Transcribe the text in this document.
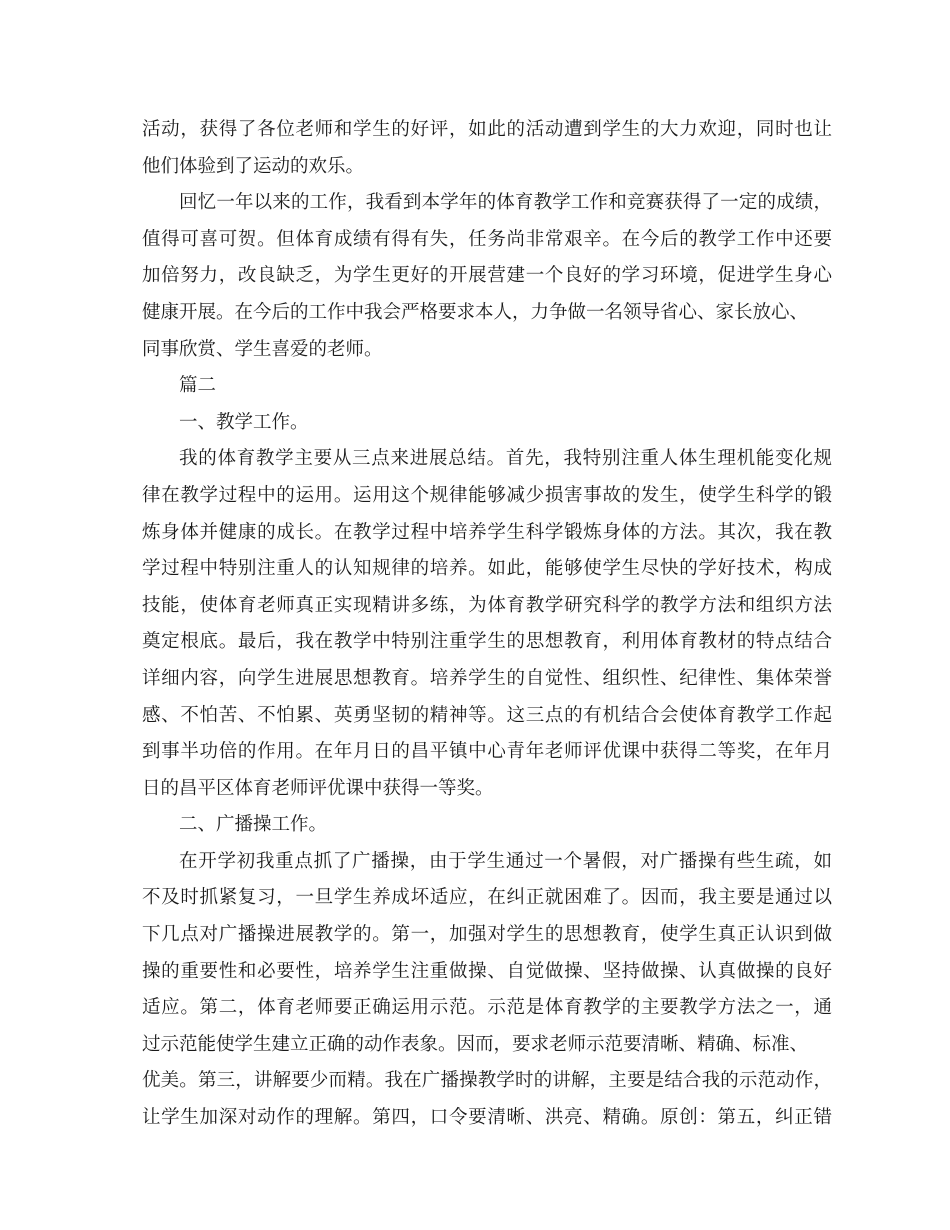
活动，获得了各位老师和学生的好评，如此的活动遭到学生的大力欢迎，同时也让
他们体验到了运动的欢乐。
回忆一年以来的工作，我看到本学年的体育教学工作和竞赛获得了一定的成绩，
值得可喜可贺。但体育成绩有得有失，任务尚非常艰辛。在今后的教学工作中还要
加倍努力，改良缺乏，为学生更好的开展营建一个良好的学习环境，促进学生身心
健康开展。在今后的工作中我会严格要求本人，力争做一名领导省心、家长放心、
同事欣赏、学生喜爱的老师。
篇二
一、教学工作。
我的体育教学主要从三点来进展总结。首先，我特别注重人体生理机能变化规
律在教学过程中的运用。运用这个规律能够减少损害事故的发生，使学生科学的锻
炼身体并健康的成长。在教学过程中培养学生科学锻炼身体的方法。其次，我在教
学过程中特别注重人的认知规律的培养。如此，能够使学生尽快的学好技术，构成
技能，使体育老师真正实现精讲多练，为体育教学研究科学的教学方法和组织方法
奠定根底。最后，我在教学中特别注重学生的思想教育，利用体育教材的特点结合
详细内容，向学生进展思想教育。培养学生的自觉性、组织性、纪律性、集体荣誉
感、不怕苦、不怕累、英勇坚韧的精神等。这三点的有机结合会使体育教学工作起
到事半功倍的作用。在年月日的昌平镇中心青年老师评优课中获得二等奖，在年月
日的昌平区体育老师评优课中获得一等奖。
二、广播操工作。
在开学初我重点抓了广播操，由于学生通过一个暑假，对广播操有些生疏，如
不及时抓紧复习，一旦学生养成坏适应，在纠正就困难了。因而，我主要是通过以
下几点对广播操进展教学的。第一，加强对学生的思想教育，使学生真正认识到做
操的重要性和必要性，培养学生注重做操、自觉做操、坚持做操、认真做操的良好
适应。第二，体育老师要正确运用示范。示范是体育教学的主要教学方法之一，通
过示范能使学生建立正确的动作表象。因而，要求老师示范要清晰、精确、标准、
优美。第三，讲解要少而精。我在广播操教学时的讲解，主要是结合我的示范动作，
让学生加深对动作的理解。第四，口令要清晰、洪亮、精确。原创：第五，纠正错
